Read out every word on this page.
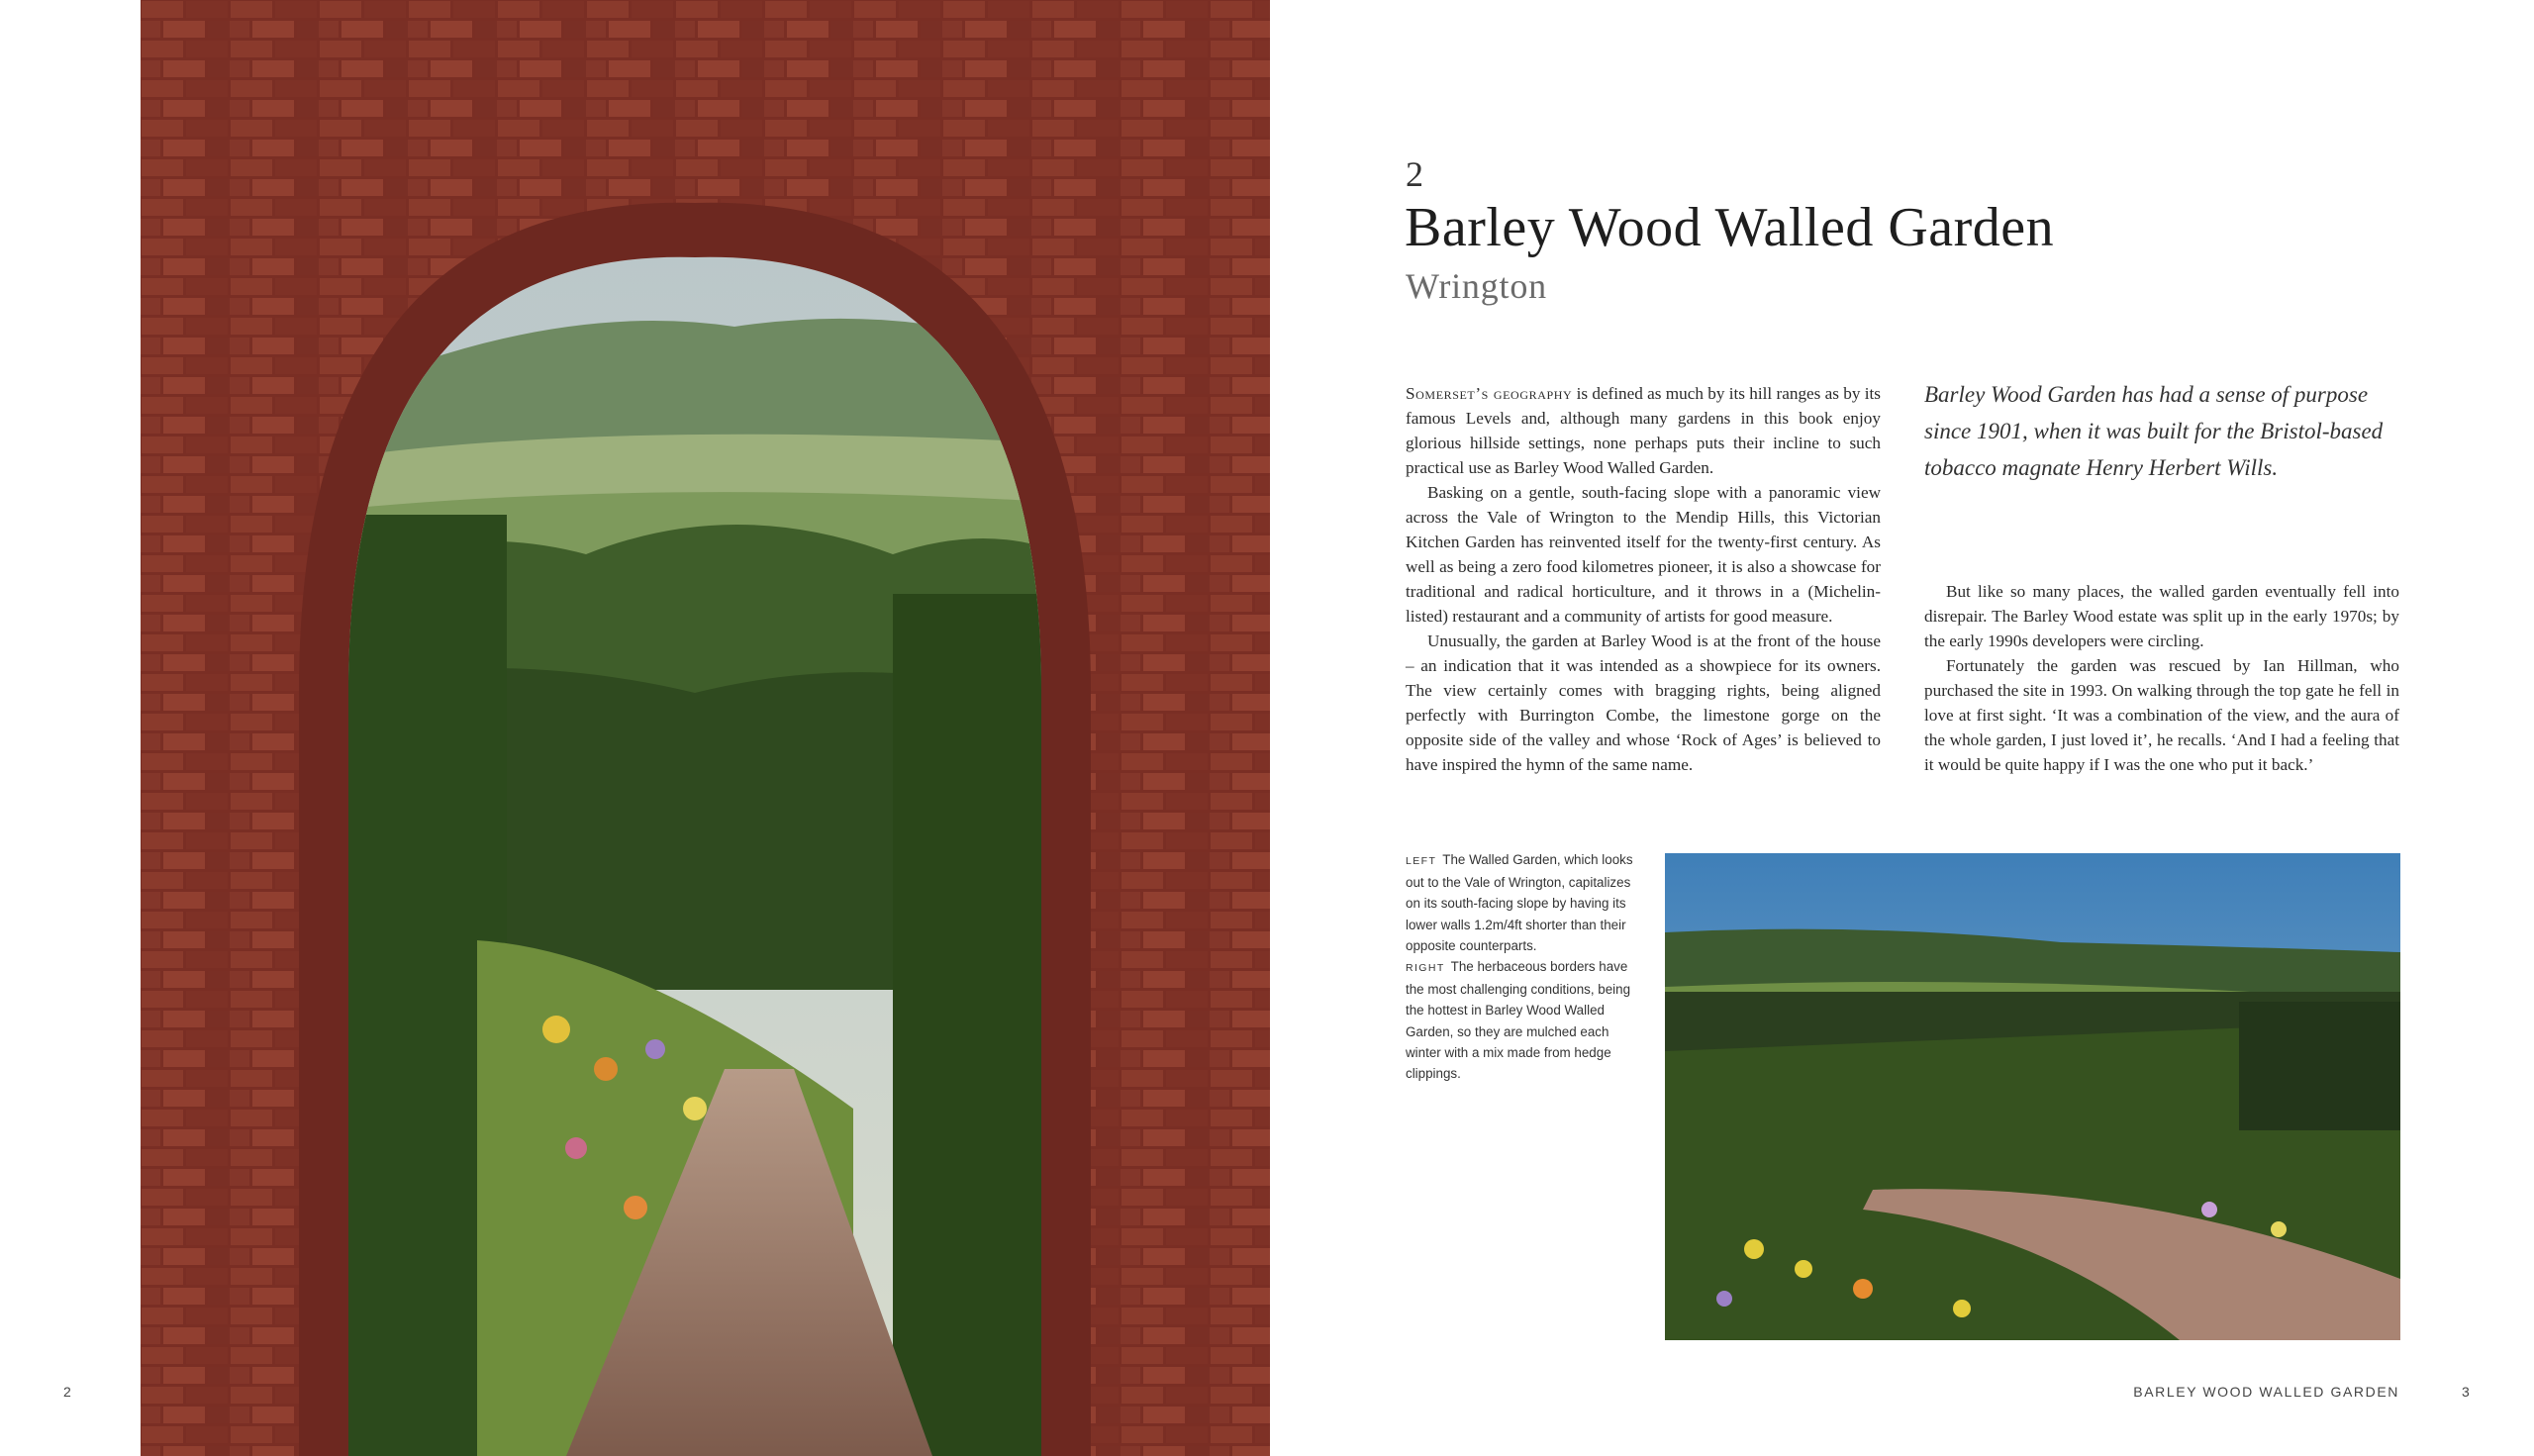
2	BARLEY WOOD WALLED GARDEN	3
2
Barley Wood Walled Garden
Wrington

Somerset’s geography is defined as much by its hill ranges as by its famous Levels and, although many gardens in this book enjoy glorious hillside settings, none perhaps puts their incline to such practical use as Barley Wood Walled Garden.

Basking on a gentle, south-facing slope with a panoramic view across the Vale of Wrington to the Mendip Hills, this Victorian Kitchen Garden has reinvented itself for the twenty-first century. As well as being a zero food kilometres pioneer, it is also a showcase for traditional and radical horticulture, and it throws in a (Michelin-listed) restaurant and a community of artists for good measure.

Unusually, the garden at Barley Wood is at the front of the house – an indication that it was intended as a showpiece for its owners. The view certainly comes with bragging rights, being aligned perfectly with Burrington Combe, the limestone gorge on the opposite side of the valley and whose ‘Rock of Ages’ is believed to have inspired the hymn of the same name.

Barley Wood Garden has had a sense of purpose since 1901, when it was built for the Bristol-based tobacco magnate Henry Herbert Wills.

But like so many places, the walled garden eventually fell into disrepair. The Barley Wood estate was split up in the early 1970s; by the early 1990s developers were circling.

Fortunately the garden was rescued by Ian Hillman, who purchased the site in 1993. On walking through the top gate he fell in love at first sight. ‘It was a combination of the view, and the aura of the whole garden, I just loved it’, he recalls. ‘And I had a feeling that it would be quite happy if I was the one who put it back.’

LEFT The Walled Garden, which looks out to the Vale of Wrington, capitalizes on its south-facing slope by having its lower walls 1.2m/4ft shorter than their opposite counterparts.

RIGHT The herbaceous borders have the most challenging conditions, being the hottest in Barley Wood Walled Garden, so they are mulched each winter with a mix made from hedge clippings.
